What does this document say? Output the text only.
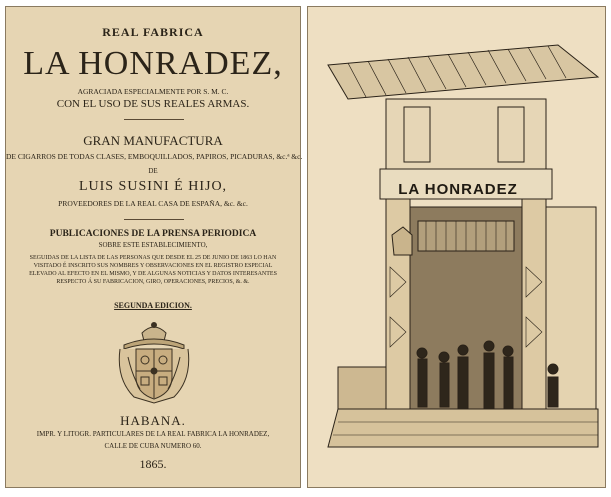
REAL FABRICA
LA HONRADEZ,
AGRACIADA ESPECIALMENTE POR S. M. C.
CON EL USO DE SUS REALES ARMAS.
GRAN MANUFACTURA
DE CIGARROS DE TODAS CLASES, EMBOQUILLADOS, PAPIROS, PICADURAS, &c.ª &c.
DE
LUIS SUSINI É HIJO,
PROVEEDORES DE LA REAL CASA DE ESPAÑA, &c. &c.
PUBLICACIONES DE LA PRENSA PERIODICA
SOBRE ESTE ESTABLECIMIENTO,
SEGUIDAS DE LA LISTA DE LAS PERSONAS QUE DESDE EL 25 DE JUNIO DE 1863 LO HAN VISITADO É INSCRITO SUS NOMBRES Y OBSERVACIONES EN EL REGISTRO ESPECIAL ELEVADO AL EFECTO EN EL MISMO, Y DE ALGUNAS NOTICIAS Y DATOS INTERESANTES RESPECTO Á SU FABRICACION, GIRO, OPERACIONES, PRECIOS, &. &.
SEGUNDA EDICION.
HABANA.
IMPR. Y LITOGR. PARTICULARES DE LA REAL FABRICA LA HONRADEZ,
CALLE DE CUBA NUMERO 60.
1865.
LA HONRADEZ
